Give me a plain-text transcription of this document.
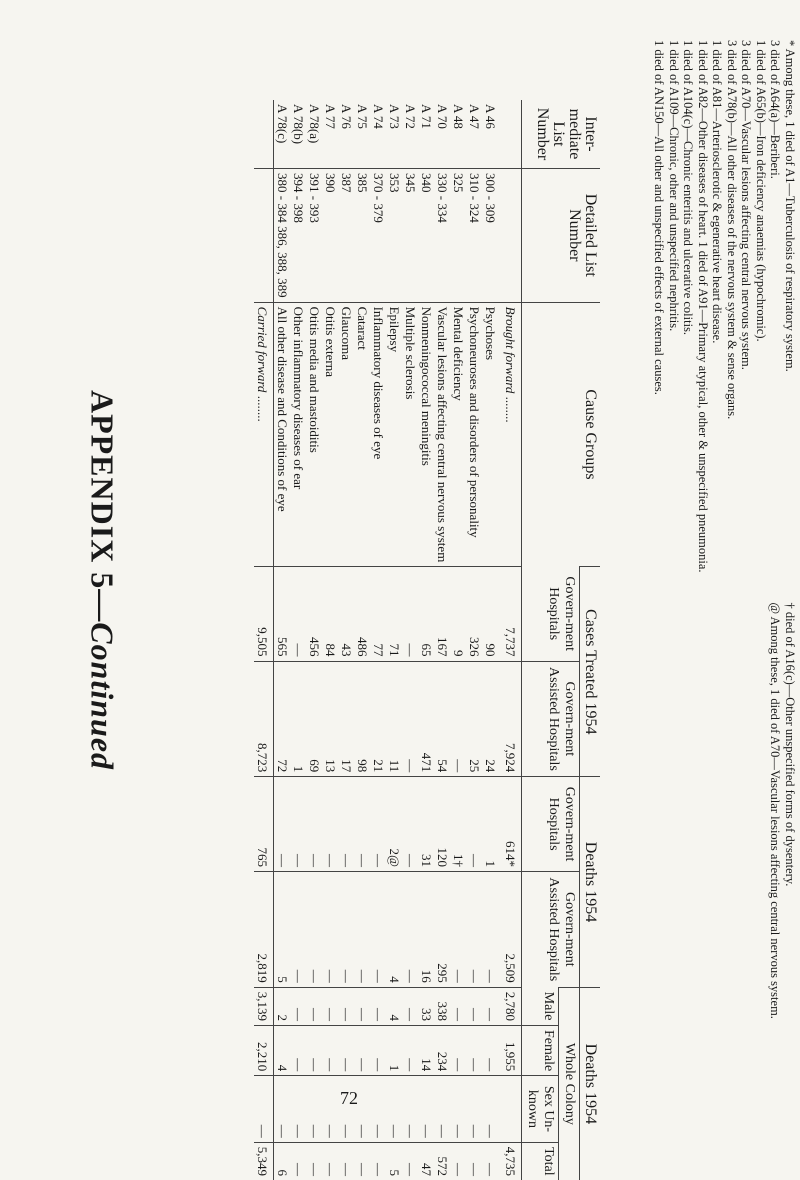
APPENDIX 5—Continued
Inter-mediate List Number	Detailed List Number	Cause Groups	Cases Treated 1954		Deaths 1954		Deaths 1954			
			Govern-ment Hospitals	Govern-ment Assisted Hospitals	Govern-ment Hospitals	Govern-ment Assisted Hospitals	Whole Colony			
							Male	Female	Sex Un-known	Total
		Brought forward ........	7,737	7,924	614*	2,509	2,780	1,955		4,735
A 46	300 - 309	Psychoses	90	24	1	—	—	—	—	—
A 47	310 - 324	Psychoneuroses and disorders of personality	326	25	—	—	—	—	—	—
A 48	325	Mental deficiency	9	—	1†	—	—	—	—	—
A 70	330 - 334	Vascular lesions affecting central nervous system	167	54	120	295	338	234	—	572
A 71	340	Nonmeningococcal meningitis	65	471	31	16	33	14	—	47
A 72	345	Multiple sclerosis	—	—	—	—	—	—	—	—
A 73	353	Epilepsy	71	11	2@	4	4	1	—	5
A 74	370 - 379	Inflammatory diseases of eye	77	21	—	—	—	—	—	—
A 75	385	Cataract	486	98	—	—	—	—	—	—
A 76	387	Glaucoma	43	17	—	—	—	—	—	—
A 77	390	Otitis externa	84	13	—	—	—	—	—	—
A 78(a)	391 - 393	Otitis media and mastoiditis	456	69	—	—	—	—	—	—
A 78(b)	394 - 398	Other inflammatory diseases of ear	—	1	—	—	—	—	—	—
A 78(c)	380 - 384 386, 388, 389	All other disease and Conditions of eye	565	72	—	5	2	4	—	6
		Carried forward ........	9,505	8,723	765	2,819	3,139	2,210	—	5,349
72

* Among these, 1 died of A1—Tuberculosis of respiratory system.

3 died of A64(a)—Beriberi.

1 died of A65(b)—Iron deficiency anaemias (hypochromic).

3 died of A70—Vascular lesions affecting central nervous system.

3 died of A78(b)—All other diseases of the nervous system & sense organs.

1 died of A81—Arteriosclerotic & egenerative heart disease.

1 died of A82—Other diseases of heart. 1 died of A91—Primary atypical, other & unspecified pneumonia.

1 died of A104(c)—Chronic enteritis and ulcerative colitis.

1 died of A109—Chronic, other and unspecified nephritis.

1 died of AN150—All other and unspecified effects of external causes.

† died of A16(c)—Other unspecified forms of dysentery.

@ Among these, 1 died of A70—Vascular lesions affecting central nervous system.
